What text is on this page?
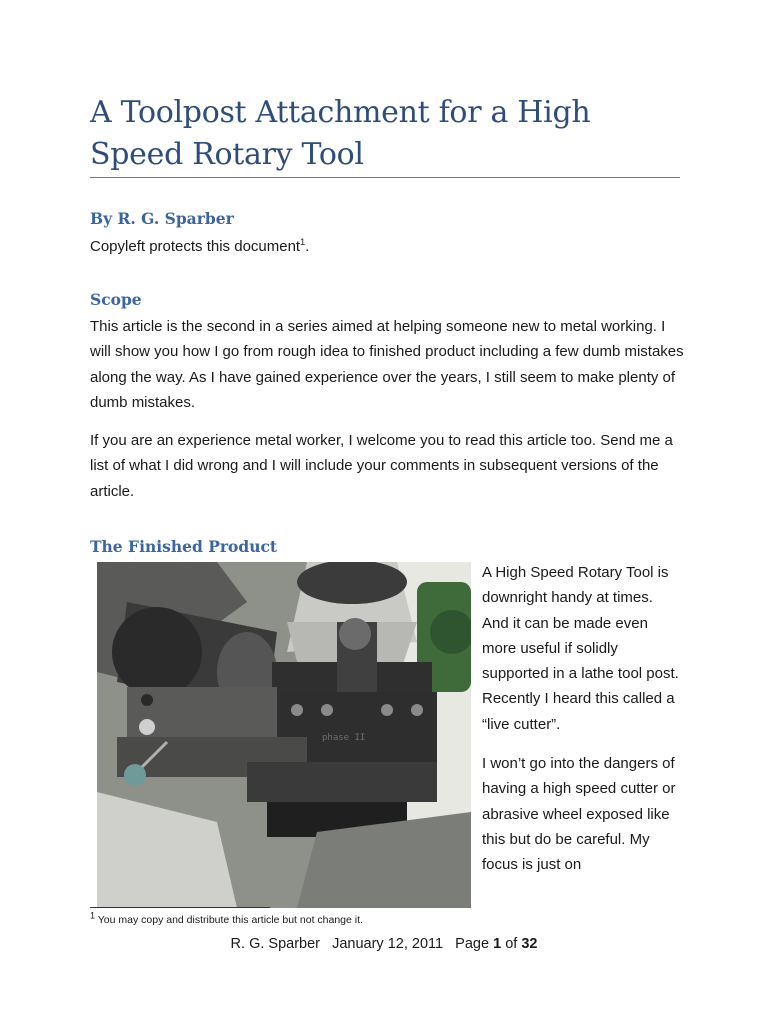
A Toolpost Attachment for a High Speed Rotary Tool
By R. G. Sparber

Copyleft protects this document$^1$.

Scope

This article is the second in a series aimed at helping someone new to metal working. I will show you how I go from rough idea to finished product including a few dumb mistakes along the way. As I have gained experience over the years, I still seem to make plenty of dumb mistakes.

If you are an experience metal worker, I welcome you to read this article too. Send me a list of what I did wrong and I will include your comments in subsequent versions of the article.

The Finished Product
phase II

A High Speed Rotary Tool is downright handy at times. And it can be made even more useful if solidly supported in a lathe tool post. Recently I heard this called a “live cutter”.

I won’t go into the dangers of having a high speed cutter or abrasive wheel exposed like this but do be careful. My focus is just on

$^1$ You may copy and distribute this article but not change it.

R. G. Sparber January 12, 2011 Page 1 of 32
